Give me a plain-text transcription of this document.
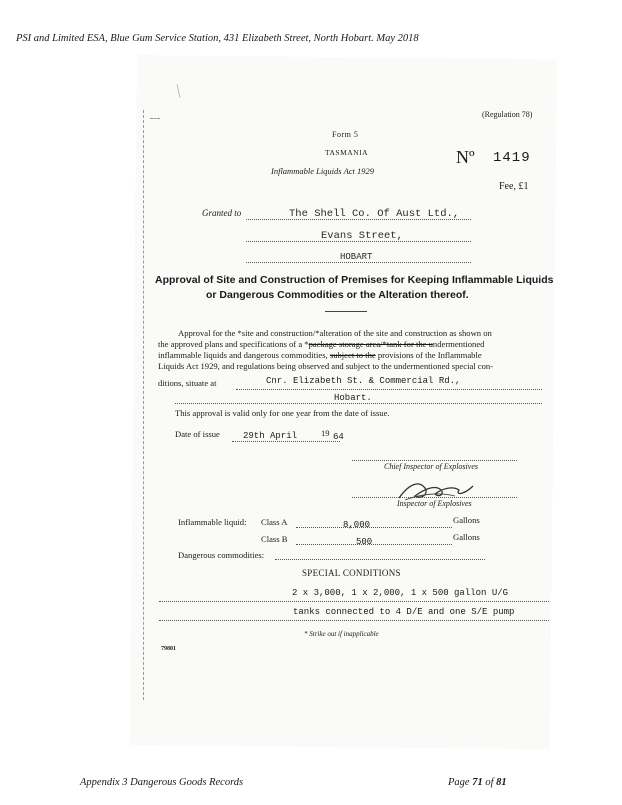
PSI and Limited ESA, Blue Gum Service Station, 431 Elizabeth Street, North Hobart. May 2018
(Regulation 78)
Form 5
TASMANIA
Inflammable Liquids Act 1929
Nº 1419
Fee, £1
Granted to	The Shell Co. Of Aust Ltd.,
Evans Street,
HOBART
Approval of Site and Construction of Premises for Keeping Inflammable Liquids
or Dangerous Commodities or the Alteration thereof.
Approval for the *site and construction/*alteration of the site and construction as shown on
the approved plans and specifications of a *package storage area/*tank for the undermentioned
inflammable liquids and dangerous commodities, subject to the provisions of the Inflammable
Liquids Act 1929, and regulations being observed and subject to the undermentioned special con-
ditions, situate at	Cnr. Elizabeth St. & Commercial Rd.,
Hobart.
This approval is valid only for one year from the date of issue.
Date of issue	29th April	19 64
Chief Inspector of Explosives
Inspector of Explosives
Inflammable liquid: Class A	8,000	Gallons
Class B	500	Gallons
Dangerous commodities:
SPECIAL CONDITIONS
2 x 3,000, 1 x 2,000, 1 x 500 gallon U/G
tanks connected to 4 D/E and one S/E pump
* Strike out if inapplicable
79801
Appendix 3 Dangerous Goods Records	Page 71 of 81
